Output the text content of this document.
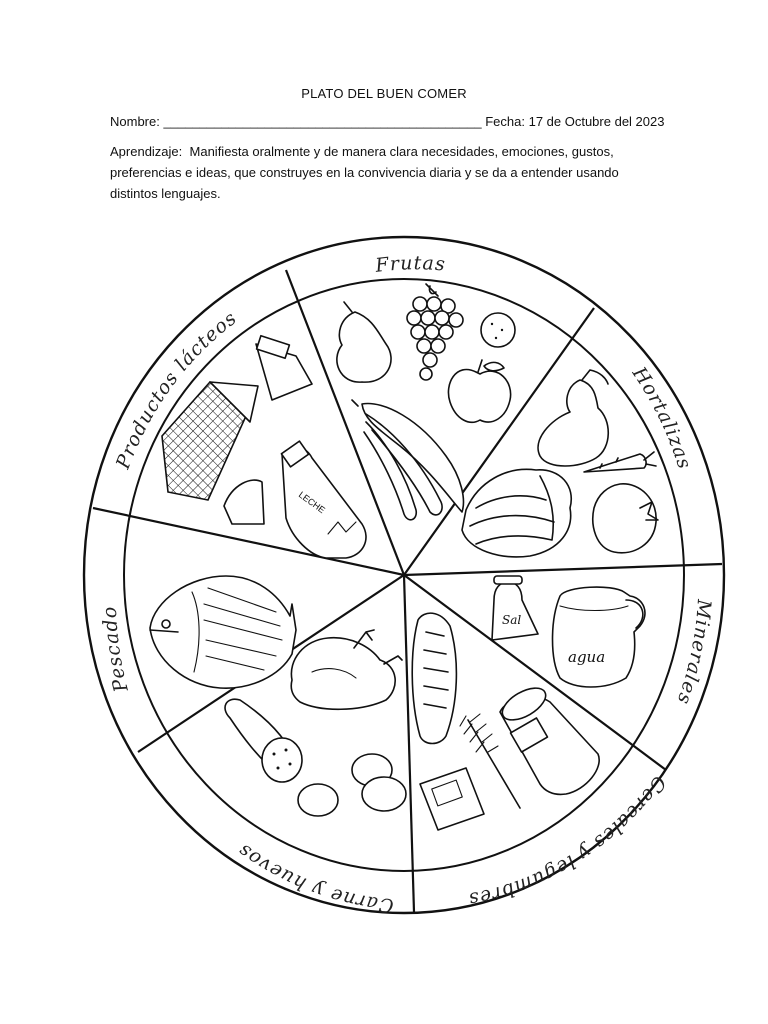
PLATO DEL BUEN COMER
Nombre: ____________________________________________ Fecha: 17 de Octubre del 2023
Aprendizaje: Manifiesta oralmente y de manera clara necesidades, emociones, gustos, preferencias e ideas, que construyes en la convivencia diaria y se da a entender usando distintos lenguajes.
Frutas
Hortalizas
Minerales
Cereales y legumbres
Carne y huevos
Pescado
Productos lácteos
Sal
agua
LECHE
